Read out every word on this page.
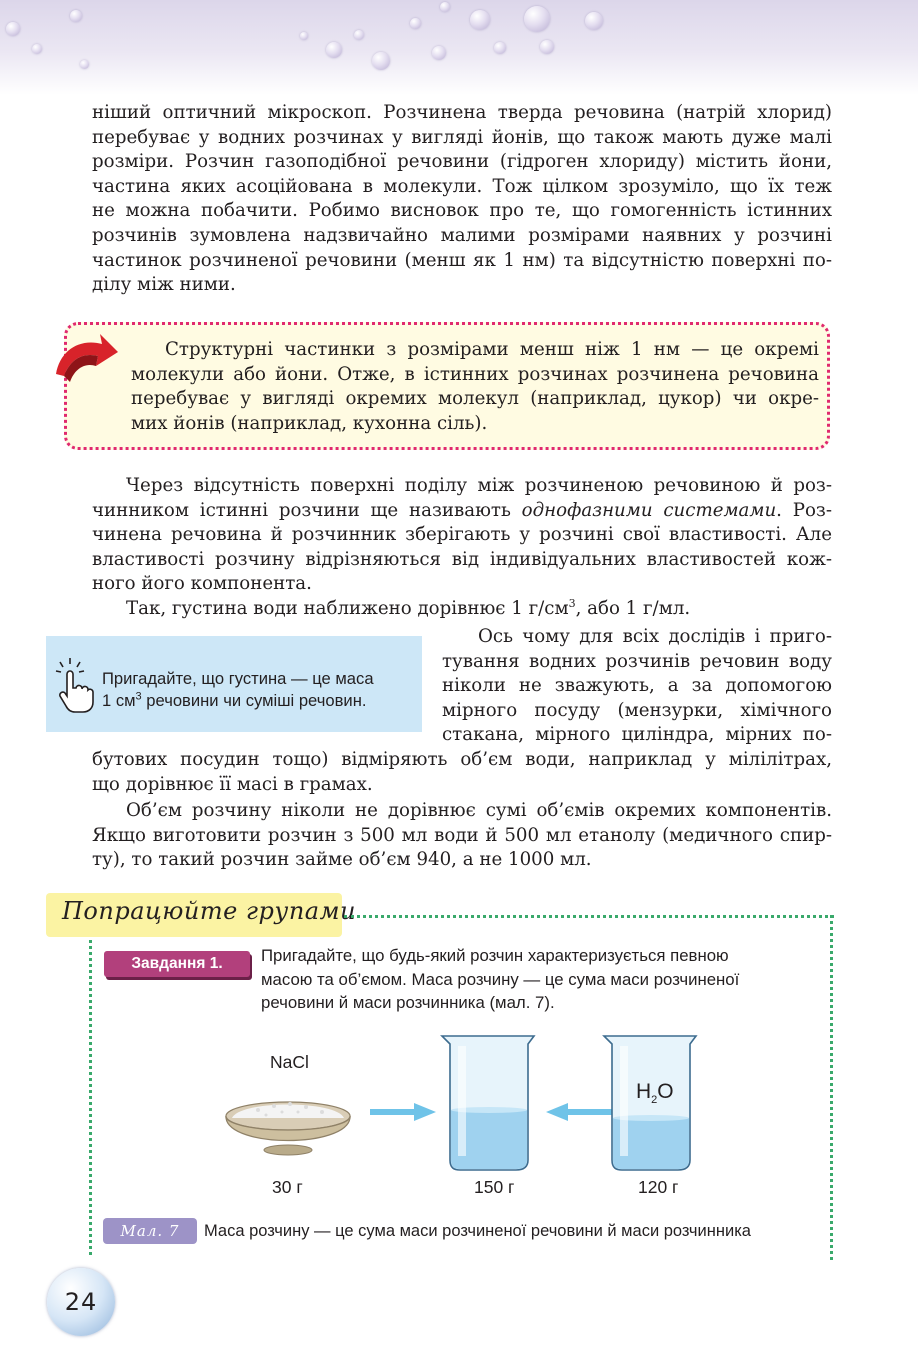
ніший оптичний мікроскоп. Розчинена тверда речовина (натрій хлорид)
перебуває у водних розчинах у вигляді йонів, що також мають дуже малі
розміри. Розчин газоподібної речовини (гідроген хлориду) містить йони,
частина яких асоційована в молекули. Тож цілком зрозуміло, що їх теж
не можна побачити. Робимо висновок про те, що гомогенність істинних
розчинів зумовлена надзвичайно малими розмірами наявних у розчині
частинок розчиненої речовини (менш як 1 нм) та відсутністю поверхні по-
ділу між ними.
Структурні частинки з розмірами менш ніж 1 нм — це окремі
молекули або йони. Отже, в істинних розчинах розчинена речовина
перебуває у вигляді окремих молекул (наприклад, цукор) чи окре-
мих йонів (наприклад, кухонна сіль).
Через відсутність поверхні поділу між розчиненою речовиною й роз-
чинником істинні розчини ще називають однофазними системами. Роз-
чинена речовина й розчинник зберігають у розчині свої властивості. Але
властивості розчину відрізняються від індивідуальних властивостей кож-
ного його компонента.
Так, густина води наближено дорівнює 1 $г/см^3$, або 1 г/мл.
Пригадайте, що густина — це маса
1 $см^3$ речовини чи суміші речовин.
Ось чому для всіх дослідів і приго-
тування водних розчинів речовин воду
ніколи не зважують, а за допомогою
мірного посуду (мензурки, хімічного
стакана, мірного циліндра, мірних по-
бутових посудин тощо) відміряють об’єм води, наприклад у мілілітрах,
що дорівнює її масі в грамах.
Об’єм розчину ніколи не дорівнює сумі об’ємів окремих компонентів.
Якщо виготовити розчин з 500 мл води й 500 мл етанолу (медичного спир-
ту), то такий розчин займе об’єм 940, а не 1000 мл.
Попрацюйте групами
Завдання 1.	Пригадайте, що будь-який розчин характеризується певною
масою та об’ємом. Маса розчину — це сума маси розчиненої
речовини й маси розчинника (мал. 7).
NaCl
$H_2O$
30 г	150 г	120 г
Мал. 7	Маса розчину — це сума маси розчиненої речовини й маси розчинника
24
